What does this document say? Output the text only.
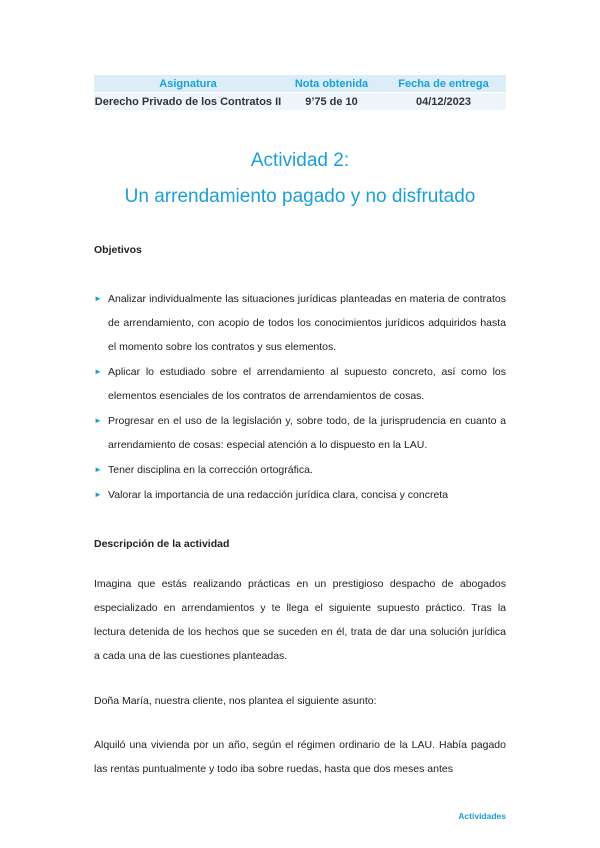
Asignatura	Nota obtenida	Fecha de entrega
Derecho Privado de los Contratos II	9’75 de 10	04/12/2023
Actividad 2:
Un arrendamiento pagado y no disfrutado
Objetivos
► Analizar individualmente las situaciones jurídicas planteadas en materia de contratos de arrendamiento, con acopio de todos los conocimientos jurídicos adquiridos hasta el momento sobre los contratos y sus elementos.
► Aplicar lo estudiado sobre el arrendamiento al supuesto concreto, así como los elementos esenciales de los contratos de arrendamientos de cosas.
► Progresar en el uso de la legislación y, sobre todo, de la jurisprudencia en cuanto a arrendamiento de cosas: especial atención a lo dispuesto en la LAU.
► Tener disciplina en la corrección ortográfica.
► Valorar la importancia de una redacción jurídica clara, concisa y concreta
Descripción de la actividad

Imagina que estás realizando prácticas en un prestigioso despacho de abogados especializado en arrendamientos y te llega el siguiente supuesto práctico. Tras la lectura detenida de los hechos que se suceden en él, trata de dar una solución jurídica a cada una de las cuestiones planteadas.

Doña María, nuestra cliente, nos plantea el siguiente asunto:

Alquiló una vivienda por un año, según el régimen ordinario de la LAU. Había pagado las rentas puntualmente y todo iba sobre ruedas, hasta que dos meses antes

Actividades
